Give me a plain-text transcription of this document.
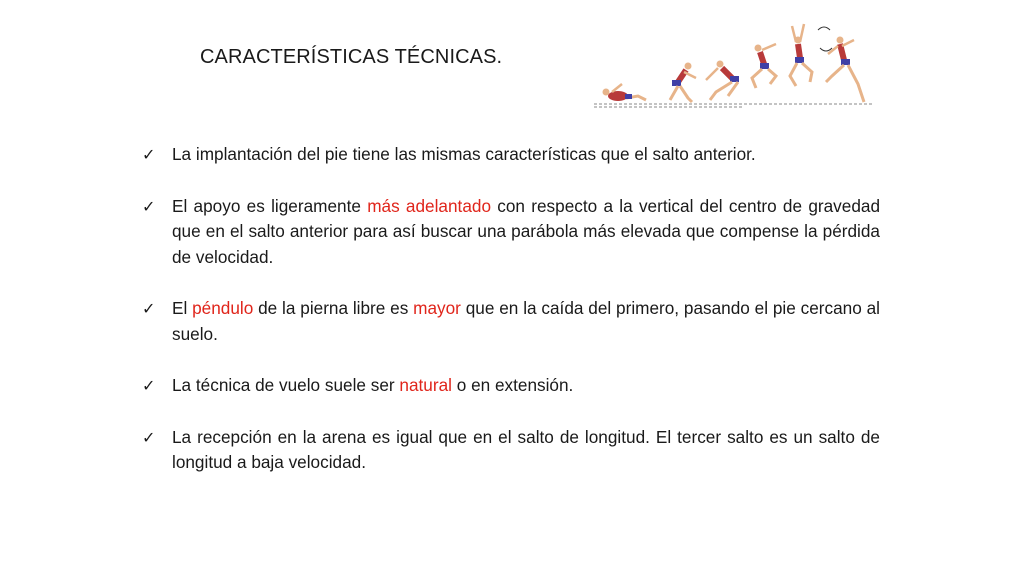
CARACTERÍSTICAS TÉCNICAS.
✓ La implantación del pie tiene las mismas características que el salto anterior.
✓ El apoyo es ligeramente más adelantado con respecto a la vertical del centro de gravedad que en el salto anterior para así buscar una parábola más elevada que compense la pérdida de velocidad.
✓ El péndulo de la pierna libre es mayor que en la caída del primero, pasando el pie cercano al suelo.
✓ La técnica de vuelo suele ser natural o en extensión.
✓ La recepción en la arena es igual que en el salto de longitud. El tercer salto es un salto de longitud a baja velocidad.
